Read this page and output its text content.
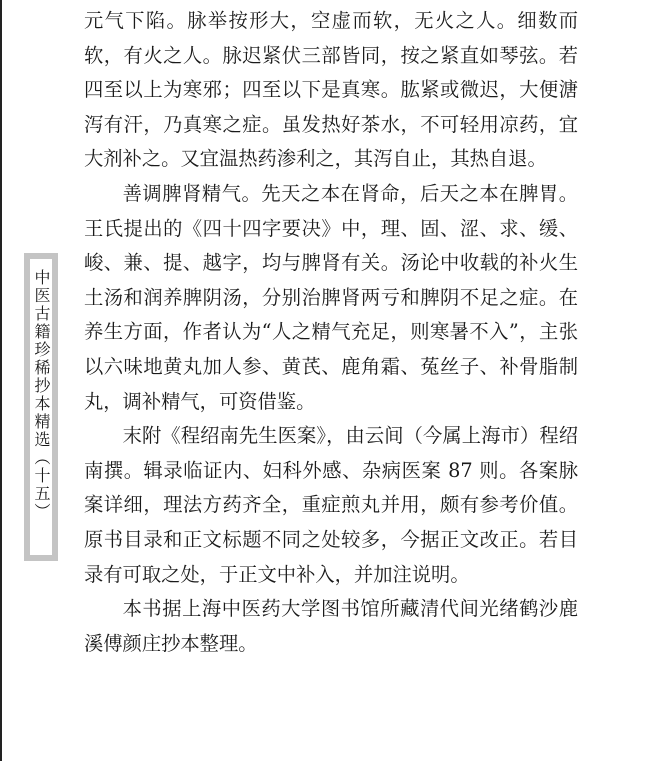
中医古籍珍稀抄本精选（十五）

元气下陷。脉举按形大，空虚而软，无火之人。细数而软，有火之人。脉迟紧伏三部皆同，按之紧直如琴弦。若四至以上为寒邪；四至以下是真寒。肱紧或微迟，大便溏泻有汗，乃真寒之症。虽发热好茶水，不可轻用凉药，宜大剂补之。又宜温热药渗利之，其泻自止，其热自退。

善调脾肾精气。先天之本在肾命，后天之本在脾胃。王氏提出的《四十四字要决》中，理、固、涩、求、缓、峻、兼、提、越字，均与脾肾有关。汤论中收载的补火生土汤和润养脾阴汤，分别治脾肾两亏和脾阴不足之症。在养生方面，作者认为“人之精气充足，则寒暑不入”，主张以六味地黄丸加人参、黄芪、鹿角霜、菟丝子、补骨脂制丸，调补精气，可资借鉴。

末附《程绍南先生医案》，由云间（今属上海市）程绍南撰。辑录临证内、妇科外感、杂病医案 87 则。各案脉案详细，理法方药齐全，重症煎丸并用，颇有参考价值。原书目录和正文标题不同之处较多，今据正文改正。若目录有可取之处，于正文中补入，并加注说明。

本书据上海中医药大学图书馆所藏清代间光绪鹤沙鹿溪傅颜庄抄本整理。
